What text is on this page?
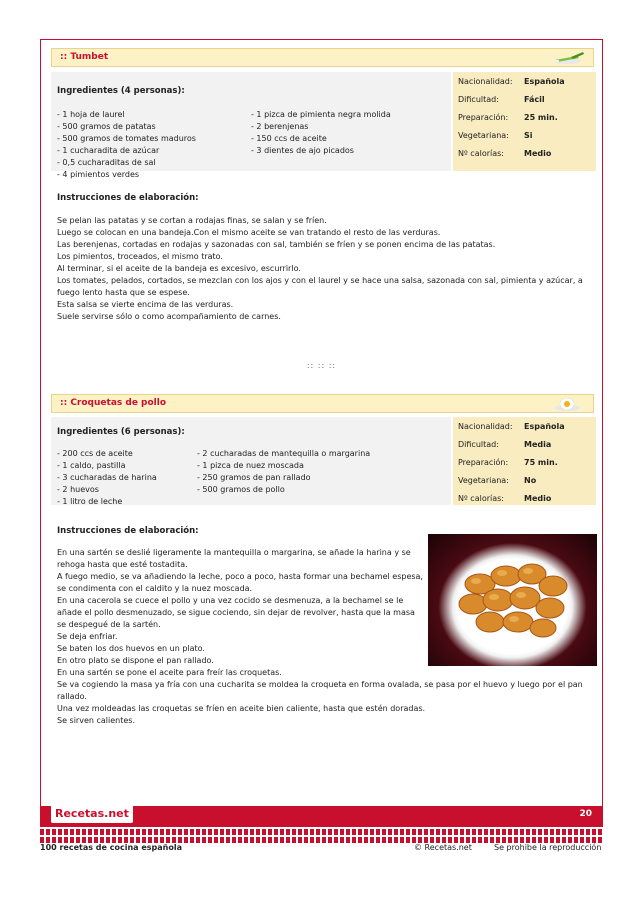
:: Tumbet
Ingredientes (4 personas):
- 1 hoja de laurel
- 500 gramos de patatas
- 500 gramos de tomates maduros
- 1 cucharadita de azúcar
- 0,5 cucharaditas de sal
- 4 pimientos verdes
- 1 pizca de pimienta negra molida
- 2 berenjenas
- 150 ccs de aceite
- 3 dientes de ajo picados
Nacionalidad: Española
Dificultad:	Fácil
Preparación: 25 min.
Vegetariana: Si
Nº calorías:	Medio
Instrucciones de elaboración:
Se pelan las patatas y se cortan a rodajas finas, se salan y se fríen.
Luego se colocan en una bandeja.Con el mismo aceite se van tratando el resto de las verduras.
Las berenjenas, cortadas en rodajas y sazonadas con sal, también se fríen y se ponen encima de las patatas.
Los pimientos, troceados, el mismo trato.
Al terminar, si el aceite de la bandeja es excesivo, escurrirlo.
Los tomates, pelados, cortados, se mezclan con los ajos y con el laurel y se hace una salsa, sazonada con sal, pimienta y azúcar, a
fuego lento hasta que se espese.
Esta salsa se vierte encima de las verduras.
Suele servirse sólo o como acompañamiento de carnes.
:: :: ::
:: Croquetas de pollo
Ingredientes (6 personas):
- 200 ccs de aceite
- 1 caldo, pastilla
- 3 cucharadas de harina
- 2 huevos
- 1 litro de leche
- 2 cucharadas de mantequilla o margarina
- 1 pizca de nuez moscada
- 250 gramos de pan rallado
- 500 gramos de pollo
Nacionalidad: Española
Dificultad:	Media
Preparación: 75 min.
Vegetariana: No
Nº calorías:	Medio
Instrucciones de elaboración:
En una sartén se deslié ligeramente la mantequilla o margarina, se añade la harina y se
rehoga hasta que esté tostadita.
A fuego medio, se va añadiendo la leche, poco a poco, hasta formar una bechamel espesa,
se condimenta con el caldito y la nuez moscada.
En una cacerola se cuece el pollo y una vez cocido se desmenuza, a la bechamel se le
añade el pollo desmenuzado, se sigue cociendo, sin dejar de revolver, hasta que la masa
se despegué de la sartén.
Se deja enfriar.
Se baten los dos huevos en un plato.
En otro plato se dispone el pan rallado.
En una sartén se pone el aceite para freír las croquetas.
Se va cogiendo la masa ya fría con una cucharita se moldea la croqueta en forma ovalada, se pasa por el huevo y luego por el pan
rallado.
Una vez moldeadas las croquetas se fríen en aceite bien caliente, hasta que estén doradas.
Se sirven calientes.
20
Recetas.net
100 recetas de cocina española	© Recetas.net	Se prohibe la reproducción
